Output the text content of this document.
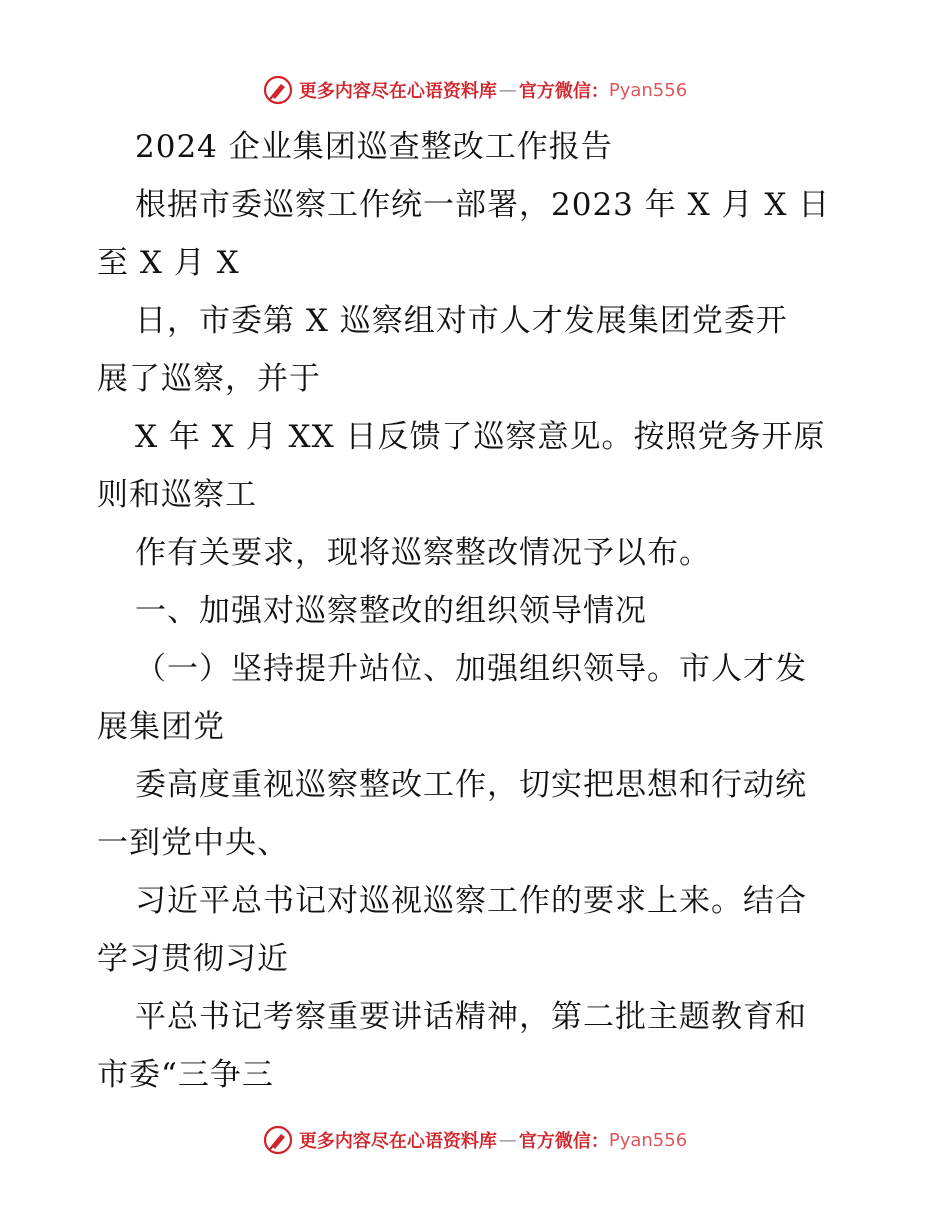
更多内容尽在心语资料库 — 官方微信： Pyan556
2024 企业集团巡查整改工作报告
根据市委巡察工作统一部署，2023 年 X 月 X 日
至 X 月 X
日，市委第 X 巡察组对市人才发展集团党委开
展了巡察，并于
X 年 X 月 XX 日反馈了巡察意见。按照党务开原
则和巡察工
作有关要求，现将巡察整改情况予以布。
一、加强对巡察整改的组织领导情况
（一）坚持提升站位、加强组织领导。市人才发
展集团党
委高度重视巡察整改工作，切实把思想和行动统
一到党中央、
习近平总书记对巡视巡察工作的要求上来。结合
学习贯彻习近
平总书记考察重要讲话精神，第二批主题教育和
市委“三争三
更多内容尽在心语资料库 — 官方微信： Pyan556
